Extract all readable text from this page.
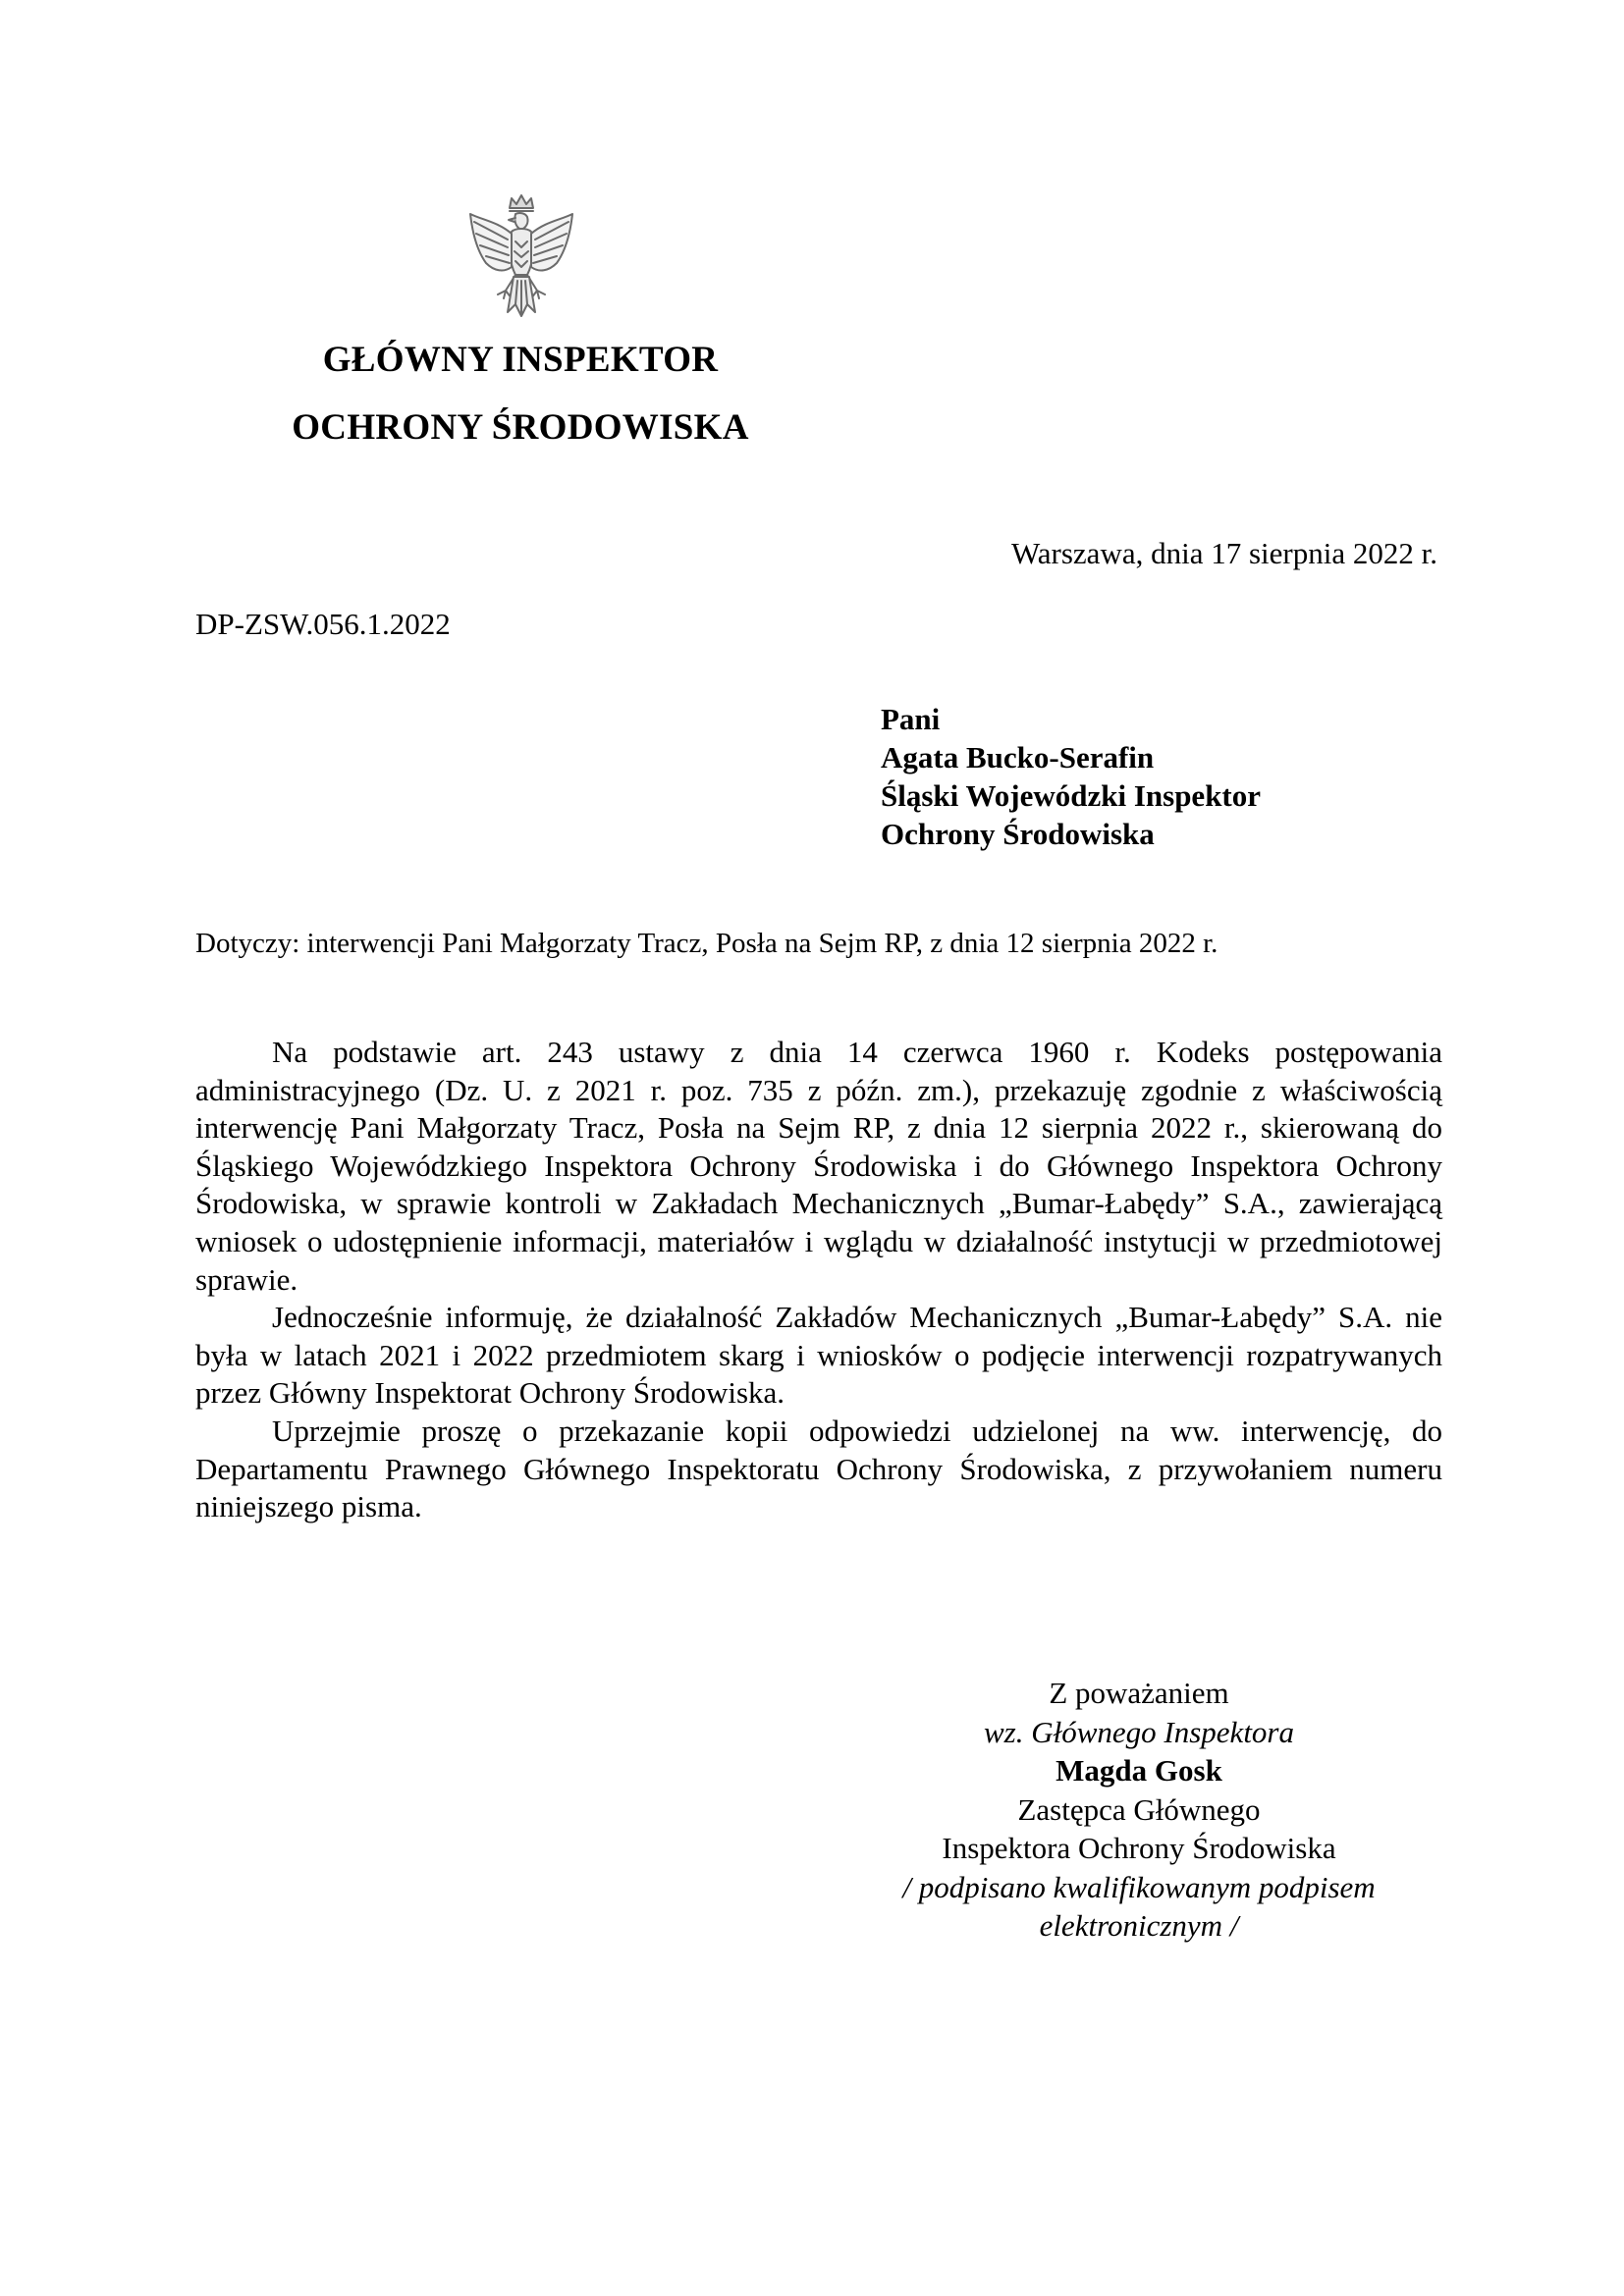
GŁÓWNY INSPEKTOR
OCHRONY ŚRODOWISKA
Warszawa, dnia 17 sierpnia 2022 r.
DP-ZSW.056.1.2022
Pani
Agata Bucko-Serafin
Śląski Wojewódzki Inspektor
Ochrony Środowiska
Dotyczy: interwencji Pani Małgorzaty Tracz, Posła na Sejm RP, z dnia 12 sierpnia 2022 r.

Na podstawie art. 243 ustawy z dnia 14 czerwca 1960 r. Kodeks postępowania administracyjnego (Dz. U. z 2021 r. poz. 735 z późn. zm.), przekazuję zgodnie z właściwością interwencję Pani Małgorzaty Tracz, Posła na Sejm RP, z dnia 12 sierpnia 2022 r., skierowaną do Śląskiego Wojewódzkiego Inspektora Ochrony Środowiska i do Głównego Inspektora Ochrony Środowiska, w sprawie kontroli w Zakładach Mechanicznych „Bumar-Łabędy” S.A., zawierającą wniosek o udostępnienie informacji, materiałów i wglądu w działalność instytucji w przedmiotowej sprawie.

Jednocześnie informuję, że działalność Zakładów Mechanicznych „Bumar-Łabędy” S.A. nie była w latach 2021 i 2022 przedmiotem skarg i wniosków o podjęcie interwencji rozpatrywanych przez Główny Inspektorat Ochrony Środowiska.

Uprzejmie proszę o przekazanie kopii odpowiedzi udzielonej na ww. interwencję, do Departamentu Prawnego Głównego Inspektoratu Ochrony Środowiska, z przywołaniem numeru niniejszego pisma.

Z poważaniem
wz. Głównego Inspektora
Magda Gosk
Zastępca Głównego
Inspektora Ochrony Środowiska
/ podpisano kwalifikowanym podpisem
elektronicznym /
